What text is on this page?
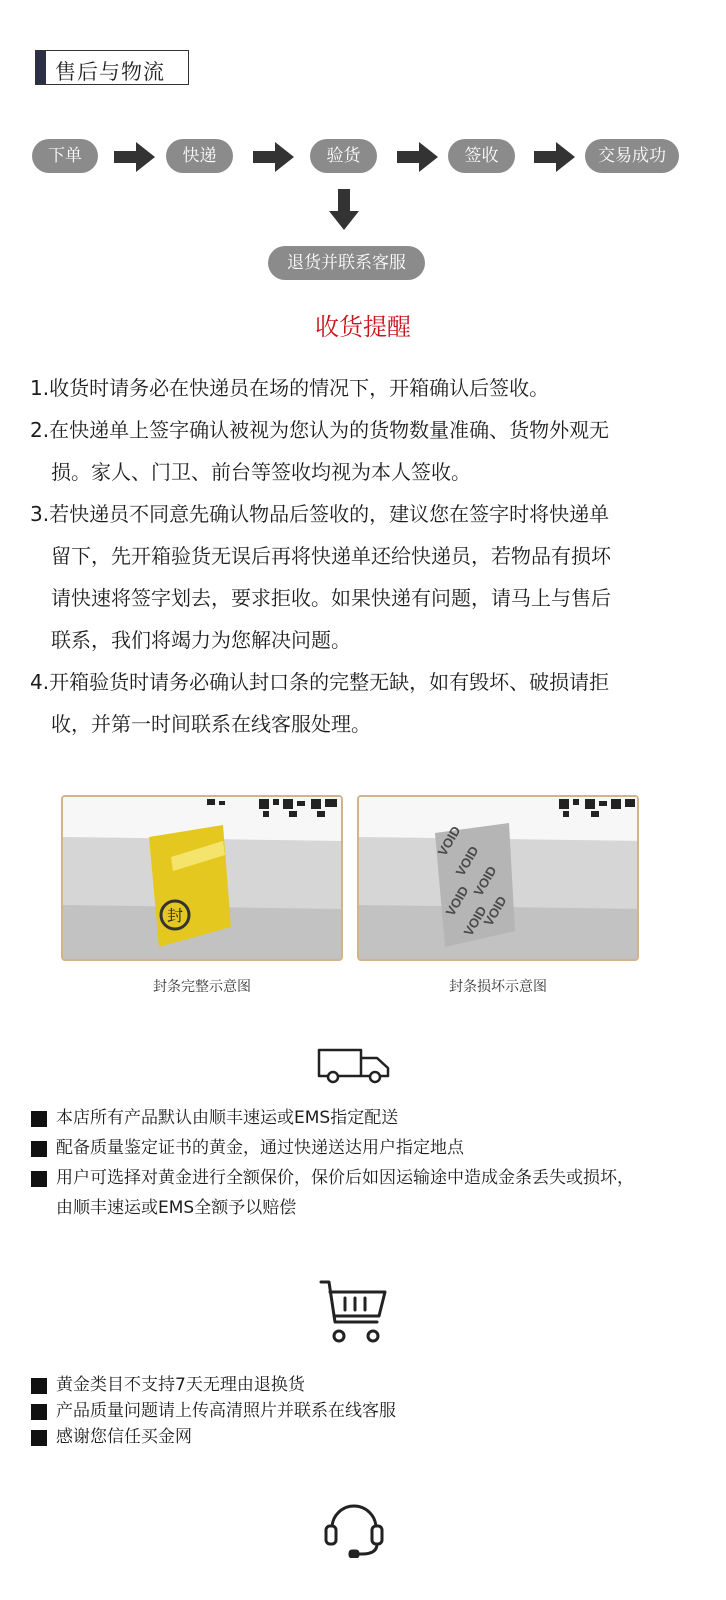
售后与物流
下单	快递	验货	签收	交易成功
退货并联系客服
收货提醒
1.收货时请务必在快递员在场的情况下，开箱确认后签收。
2.在快递单上签字确认被视为您认为的货物数量准确、货物外观无
损。家人、门卫、前台等签收均视为本人签收。
3.若快递员不同意先确认物品后签收的，建议您在签字时将快递单
留下，先开箱验货无误后再将快递单还给快递员，若物品有损坏
请快速将签字划去，要求拒收。如果快递有问题，请马上与售后
联系，我们将竭力为您解决问题。
4.开箱验货时请务必确认封口条的完整无缺，如有毁坏、破损请拒
收，并第一时间联系在线客服处理。
封
VOID
VOID
VOID
VOID
VOID
VOID
封条完整示意图	封条损坏示意图
本店所有产品默认由顺丰速运或EMS指定配送
配备质量鉴定证书的黄金，通过快递送达用户指定地点
用户可选择对黄金进行全额保价，保价后如因运输途中造成金条丢失或损坏，
由顺丰速运或EMS全额予以赔偿
黄金类目不支持7天无理由退换货
产品质量问题请上传高清照片并联系在线客服
感谢您信任买金网
